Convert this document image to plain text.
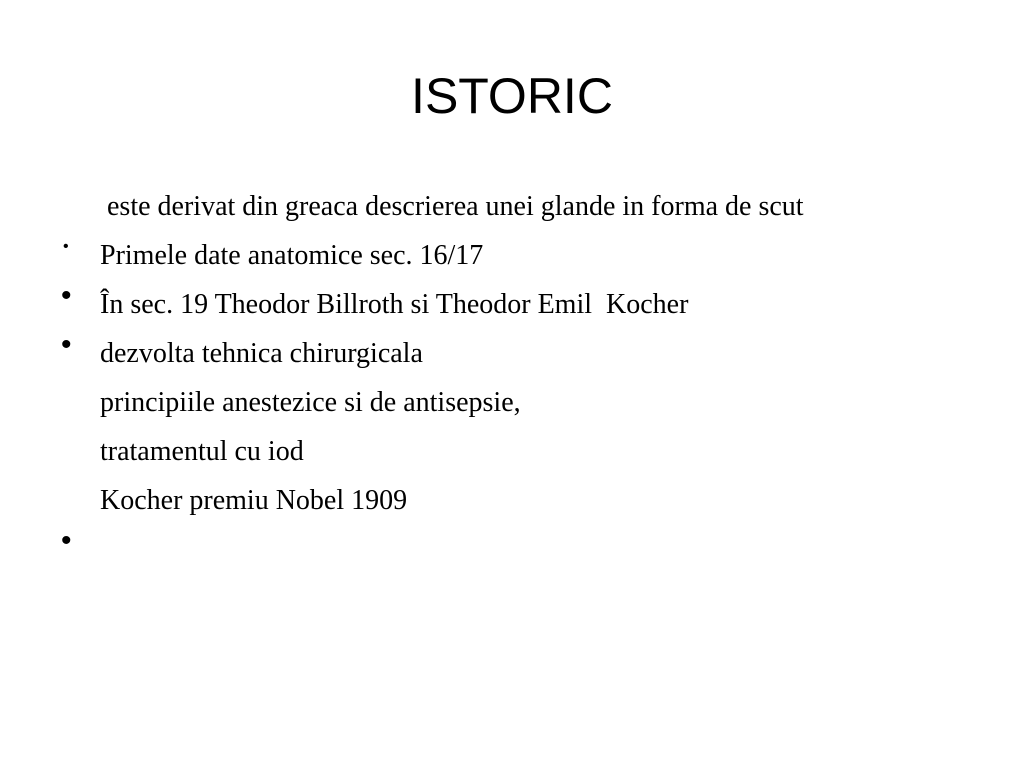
ISTORIC

•

este derivat din greaca descrierea unei glande in forma de scut

•

Primele date anatomice sec. 16/17

•

În sec. 19 Theodor Billroth si Theodor Emil  Kocher

dezvolta tehnica chirurgicala

principiile anestezice si de antisepsie,

tratamentul cu iod

•

Kocher premiu Nobel 1909
